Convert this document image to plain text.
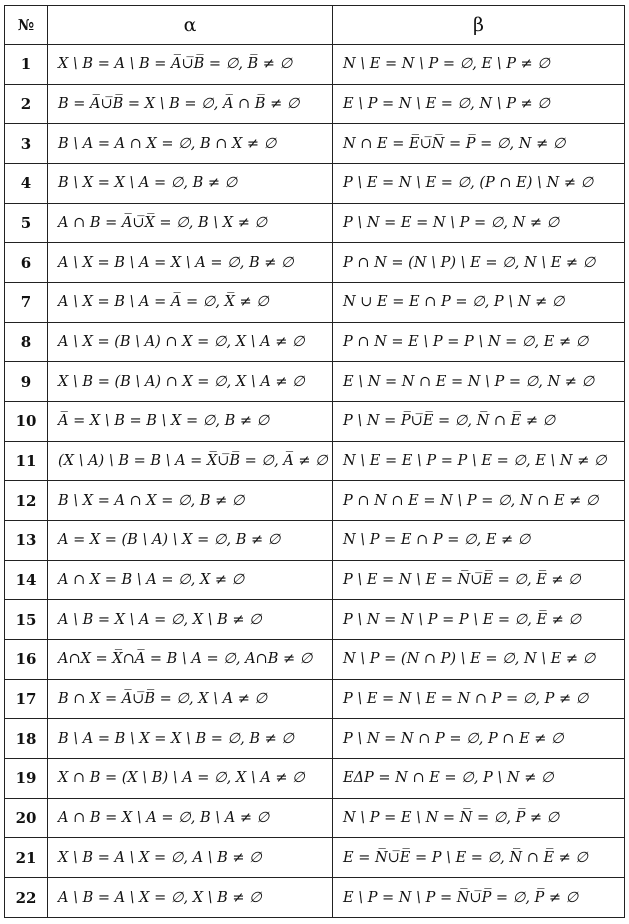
№	α	β
1	X \ B = A \ B = A̅∪̅B̅ = ∅, B̅ ≠ ∅	N \ E = N \ P = ∅, E \ P ≠ ∅
2	B = A̅∪̅B̅ = X \ B = ∅, A̅ ∩ B̅ ≠ ∅	E \ P = N \ E = ∅, N \ P ≠ ∅
3	B \ A = A ∩ X = ∅, B ∩ X ≠ ∅	N ∩ E = E̅∪̅N̅ = P̅ = ∅, N ≠ ∅
4	B \ X = X \ A = ∅, B ≠ ∅	P \ E = N \ E = ∅, (P ∩ E) \ N ≠ ∅
5	A ∩ B = A̅∪̅X̅ = ∅, B \ X ≠ ∅	P \ N = E = N \ P = ∅, N ≠ ∅
6	A \ X = B \ A = X \ A = ∅, B ≠ ∅	P ∩ N = (N \ P) \ E = ∅, N \ E ≠ ∅
7	A \ X = B \ A = A̅ = ∅, X̅ ≠ ∅	N ∪ E = E ∩ P = ∅, P \ N ≠ ∅
8	A \ X = (B \ A) ∩ X = ∅, X \ A ≠ ∅	P ∩ N = E \ P = P \ N = ∅, E ≠ ∅
9	X \ B = (B \ A) ∩ X = ∅, X \ A ≠ ∅	E \ N = N ∩ E = N \ P = ∅, N ≠ ∅
10	A̅ = X \ B = B \ X = ∅, B ≠ ∅	P \ N = P̅∪̅E̅ = ∅, N̅ ∩ E̅ ≠ ∅
11	(X \ A) \ B = B \ A = X̅∪̅B̅ = ∅, A̅ ≠ ∅	N \ E = E \ P = P \ E = ∅, E \ N ≠ ∅
12	B \ X = A ∩ X = ∅, B ≠ ∅	P ∩ N ∩ E = N \ P = ∅, N ∩ E ≠ ∅
13	A = X = (B \ A) \ X = ∅, B ≠ ∅	N \ P = E ∩ P = ∅, E ≠ ∅
14	A ∩ X = B \ A = ∅, X ≠ ∅	P \ E = N \ E = N̅∪̅E̅ = ∅, E̅ ≠ ∅
15	A \ B = X \ A = ∅, X \ B ≠ ∅	P \ N = N \ P = P \ E = ∅, E̅ ≠ ∅
16	A∩X = X̅∩A̅ = B \ A = ∅, A∩B ≠ ∅	N \ P = (N ∩ P) \ E = ∅, N \ E ≠ ∅
17	B ∩ X = A̅∪̅B̅ = ∅, X \ A ≠ ∅	P \ E = N \ E = N ∩ P = ∅, P ≠ ∅
18	B \ A = B \ X = X \ B = ∅, B ≠ ∅	P \ N = N ∩ P = ∅, P ∩ E ≠ ∅
19	X ∩ B = (X \ B) \ A = ∅, X \ A ≠ ∅	EΔP = N ∩ E = ∅, P \ N ≠ ∅
20	A ∩ B = X \ A = ∅, B \ A ≠ ∅	N \ P = E \ N = N̅ = ∅, P̅ ≠ ∅
21	X \ B = A \ X = ∅, A \ B ≠ ∅	E = N̅∪̅E̅ = P \ E = ∅, N̅ ∩ E̅ ≠ ∅
22	A \ B = A \ X = ∅, X \ B ≠ ∅	E \ P = N \ P = N̅∪̅P̅ = ∅, P̅ ≠ ∅
